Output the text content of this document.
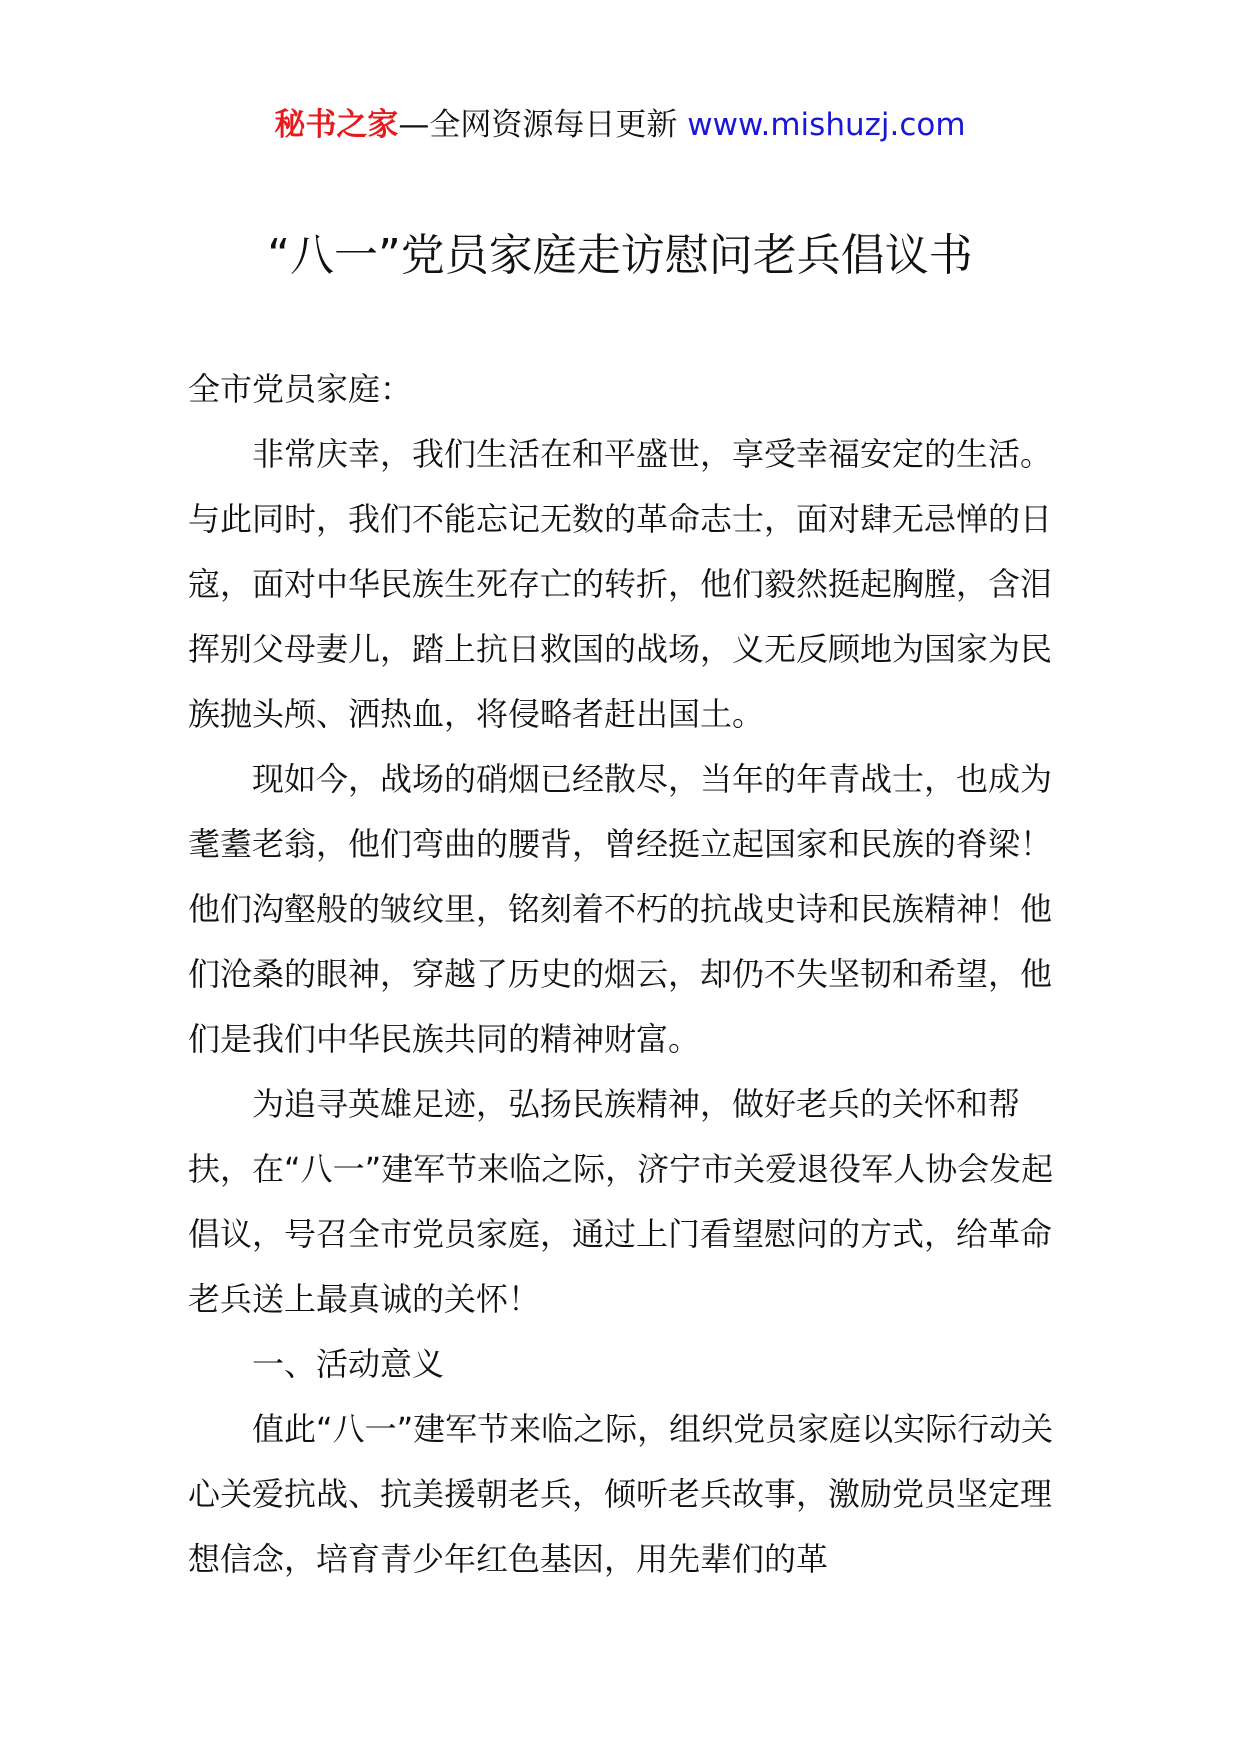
秘书之家—全网资源每日更新 www.mishuzj.com
“八一”党员家庭走访慰问老兵倡议书

全市党员家庭：

非常庆幸，我们生活在和平盛世，享受幸福安定的生活。与此同时，我们不能忘记无数的革命志士，面对肆无忌惮的日寇，面对中华民族生死存亡的转折，他们毅然挺起胸膛，含泪挥别父母妻儿，踏上抗日救国的战场，义无反顾地为国家为民族抛头颅、洒热血，将侵略者赶出国土。

现如今，战场的硝烟已经散尽，当年的年青战士，也成为耄耋老翁，他们弯曲的腰背，曾经挺立起国家和民族的脊梁！他们沟壑般的皱纹里，铭刻着不朽的抗战史诗和民族精神！他们沧桑的眼神，穿越了历史的烟云，却仍不失坚韧和希望，他们是我们中华民族共同的精神财富。

为追寻英雄足迹，弘扬民族精神，做好老兵的关怀和帮扶，在“八一”建军节来临之际，济宁市关爱退役军人协会发起倡议，号召全市党员家庭，通过上门看望慰问的方式，给革命老兵送上最真诚的关怀！

一、活动意义

值此“八一”建军节来临之际，组织党员家庭以实际行动关心关爱抗战、抗美援朝老兵，倾听老兵故事，激励党员坚定理想信念，培育青少年红色基因，用先辈们的革
